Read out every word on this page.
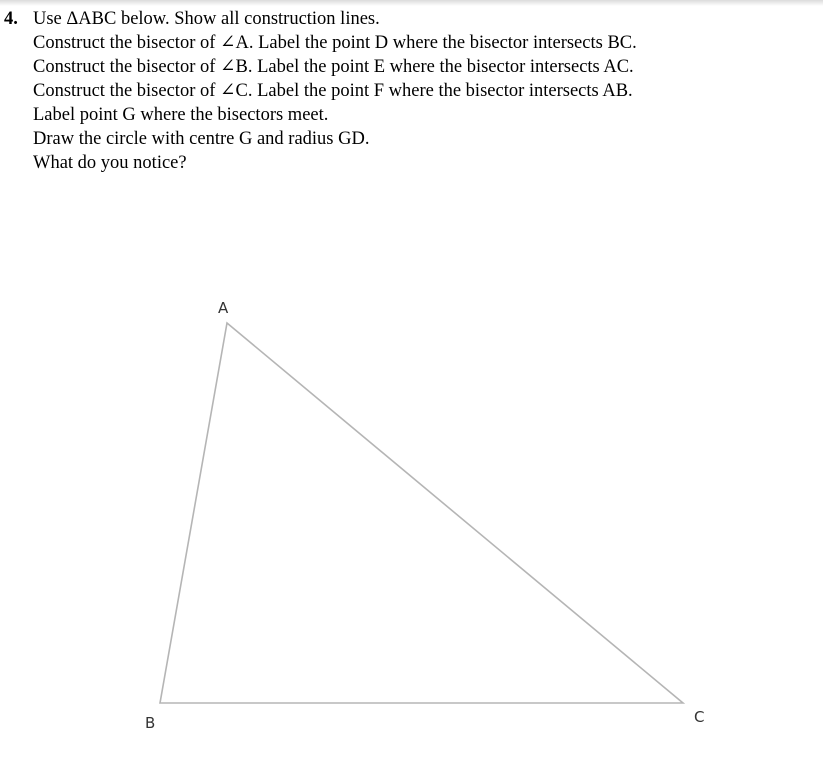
4. Use ΔABC below. Show all construction lines.
Construct the bisector of ∠A. Label the point D where the bisector intersects BC.
Construct the bisector of ∠B. Label the point E where the bisector intersects AC.
Construct the bisector of ∠C. Label the point F where the bisector intersects AB.
Label point G where the bisectors meet.
Draw the circle with centre G and radius GD.
What do you notice?
A
B	C
